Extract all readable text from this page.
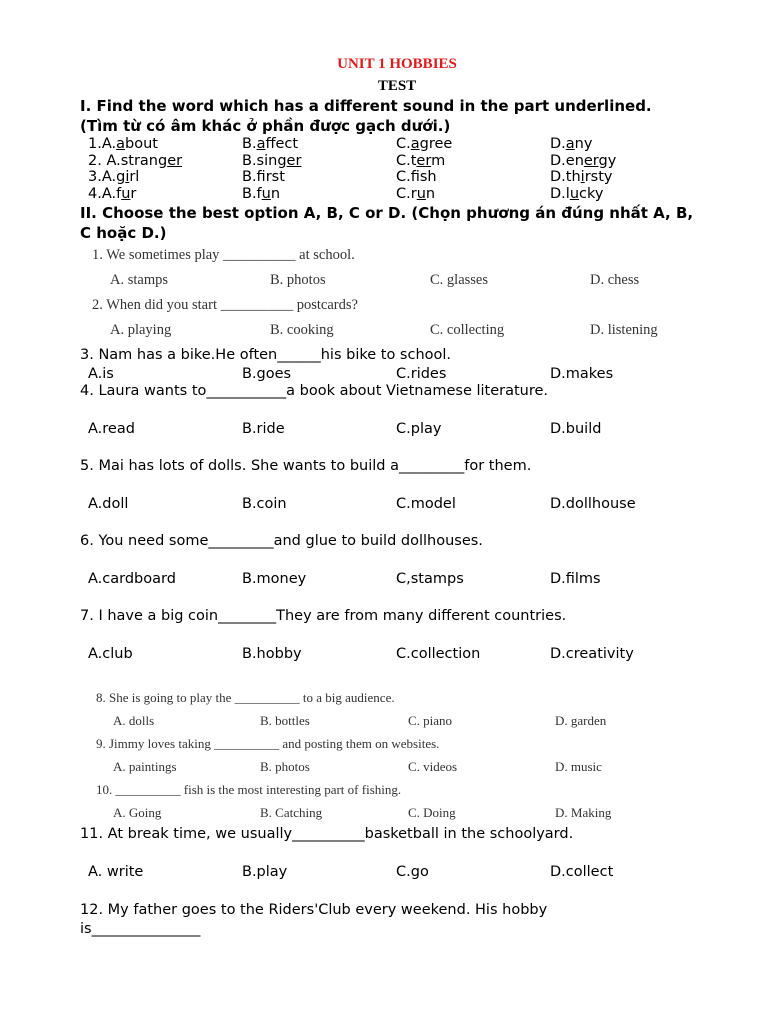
UNIT 1 HOBBIES
TEST
I. Find the word which has a different sound in the part underlined.
(Tìm từ có âm khác ở phần được gạch dưới.)
1.A.about	B.affect	C.agree	D.any
2. A.stranger	B.singer	C.term	D.energy
3.A.girl	B.frst	C.fsh	D.thirsty
4.A.fur	B.fun	C.run	D.lucky
II. Choose the best option A, B, C or D. (Chọn phương án đúng nhất A, B,
C hoặc D.)
1. We sometimes play __________ at school.
A. stamps	B. photos	C. glasses	D. chess
2. When did you start __________ postcards?
A. playing	B. cooking	C. collecting	D. listening
3. Nam has a bike.He often______his bike to school.
A.is	B.goes	C.rides	D.makes
4. Laura wants to___________a book about Vietnamese literature.
A.read	B.ride	C.play	D.build
5. Mai has lots of dolls. She wants to build a_________for them.
A.doll	B.coin	C.model	D.dollhouse
6. You need some_________and glue to build dollhouses.
A.cardboard	B.money	C,stamps	D.films
7. I have a big coin________They are from many different countries.
A.club	B.hobby	C.collection	D.creativity
8. She is going to play the __________ to a big audience.
A. dolls	B. bottles	C. piano	D. garden
9. Jimmy loves taking __________ and posting them on websites.
A. paintings	B. photos	C. videos	D. music
10. __________ fish is the most interesting part of fishing.
A. Going	B. Catching	C. Doing	D. Making
11. At break time, we usually__________basketball in the schoolyard.
A. write	B.play	C.go	D.collect
12. My father goes to the Riders'Club every weekend. His hobby
is_______________
